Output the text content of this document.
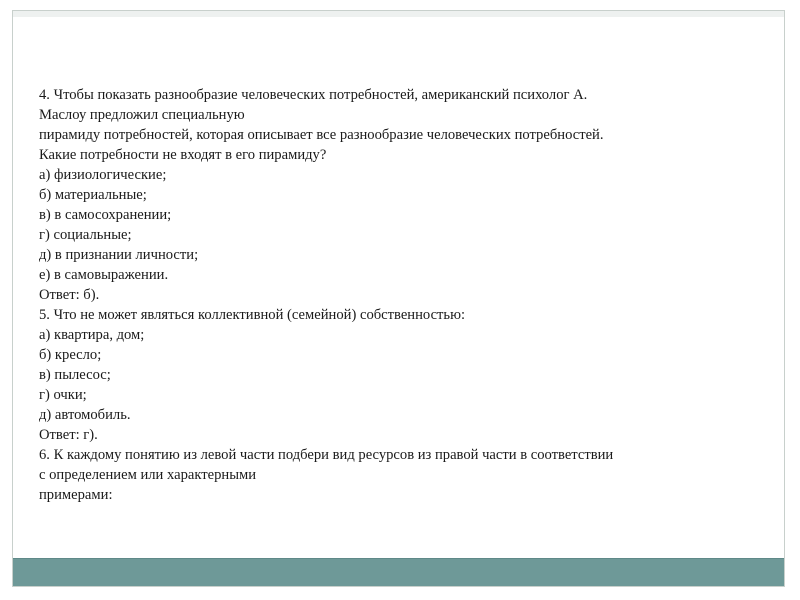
4. Чтобы показать разнообразие человеческих потребностей, американский психолог А.
Маслоу предложил специальную
пирамиду потребностей, которая описывает все разнообразие человеческих потребностей.
Какие потребности не входят в его пирамиду?
а) физиологические;
б) материальные;
в) в самосохранении;
г) социальные;
д) в признании личности;
е) в самовыражении.
Ответ: б).
5. Что не может являться коллективной (семейной) собственностью:
а) квартира, дом;
б) кресло;
в) пылесос;
г) очки;
д) автомобиль.
Ответ: г).
6. К каждому понятию из левой части подбери вид ресурсов из правой части в соответствии
с определением или характерными
примерами:
